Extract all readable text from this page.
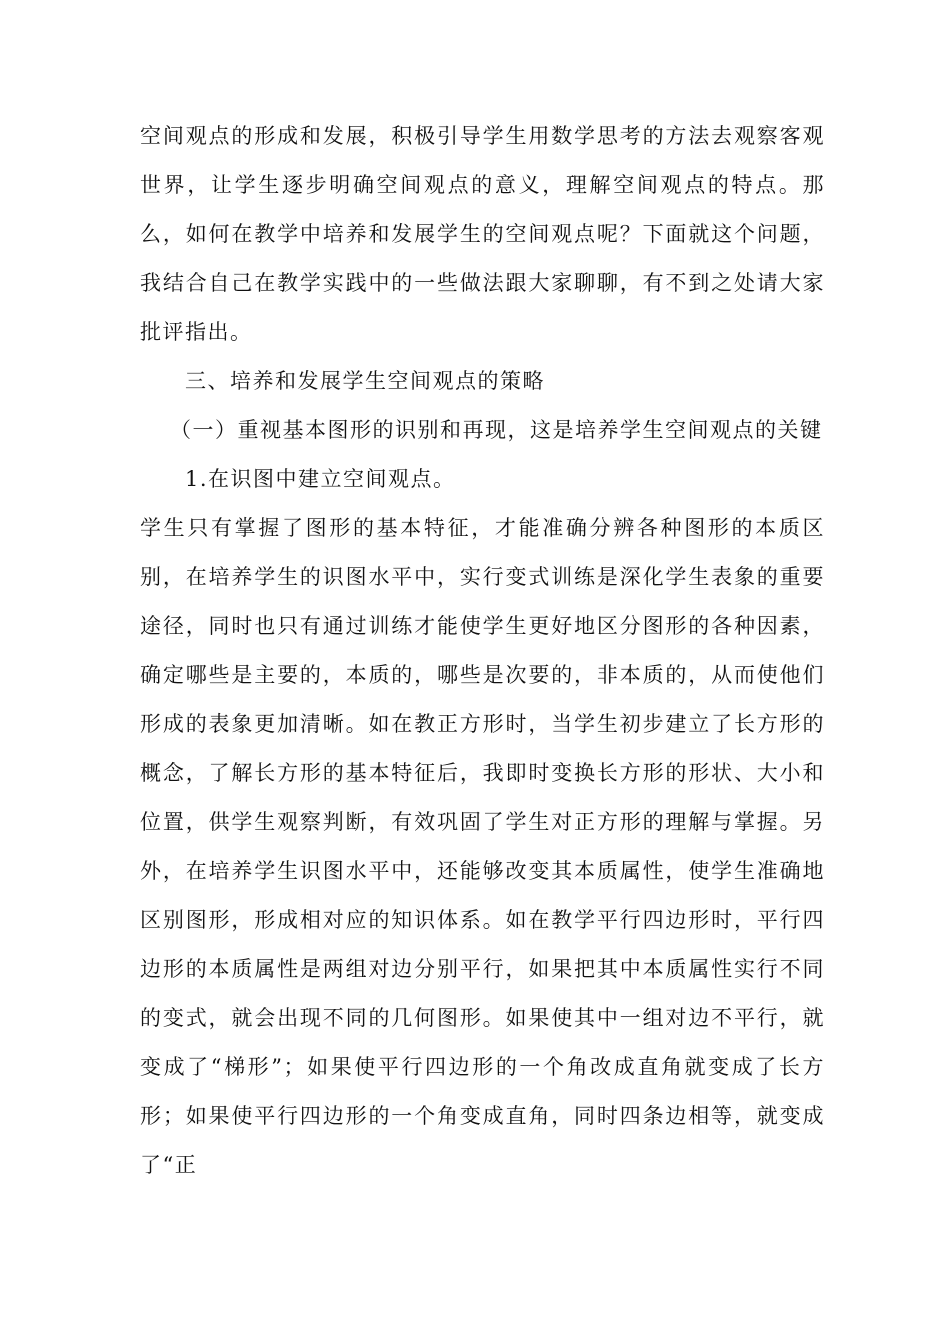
空间观点的形成和发展，积极引导学生用数学思考的方法去观察客观世界，让学生逐步明确空间观点的意义，理解空间观点的特点。那么，如何在教学中培养和发展学生的空间观点呢？下面就这个问题，我结合自己在教学实践中的一些做法跟大家聊聊，有不到之处请大家批评指出。

三、培养和发展学生空间观点的策略

（一）重视基本图形的识别和再现，这是培养学生空间观点的关键

1.在识图中建立空间观点。

学生只有掌握了图形的基本特征，才能准确分辨各种图形的本质区别，在培养学生的识图水平中，实行变式训练是深化学生表象的重要途径，同时也只有通过训练才能使学生更好地区分图形的各种因素，确定哪些是主要的，本质的，哪些是次要的，非本质的，从而使他们形成的表象更加清晰。如在教正方形时，当学生初步建立了长方形的概念，了解长方形的基本特征后，我即时变换长方形的形状、大小和位置，供学生观察判断，有效巩固了学生对正方形的理解与掌握。另外，在培养学生识图水平中，还能够改变其本质属性，使学生准确地区别图形，形成相对应的知识体系。如在教学平行四边形时，平行四边形的本质属性是两组对边分别平行，如果把其中本质属性实行不同的变式，就会出现不同的几何图形。如果使其中一组对边不平行，就变成了“梯形”；如果使平行四边形的一个角改成直角就变成了长方形；如果使平行四边形的一个角变成直角，同时四条边相等，就变成了“正
